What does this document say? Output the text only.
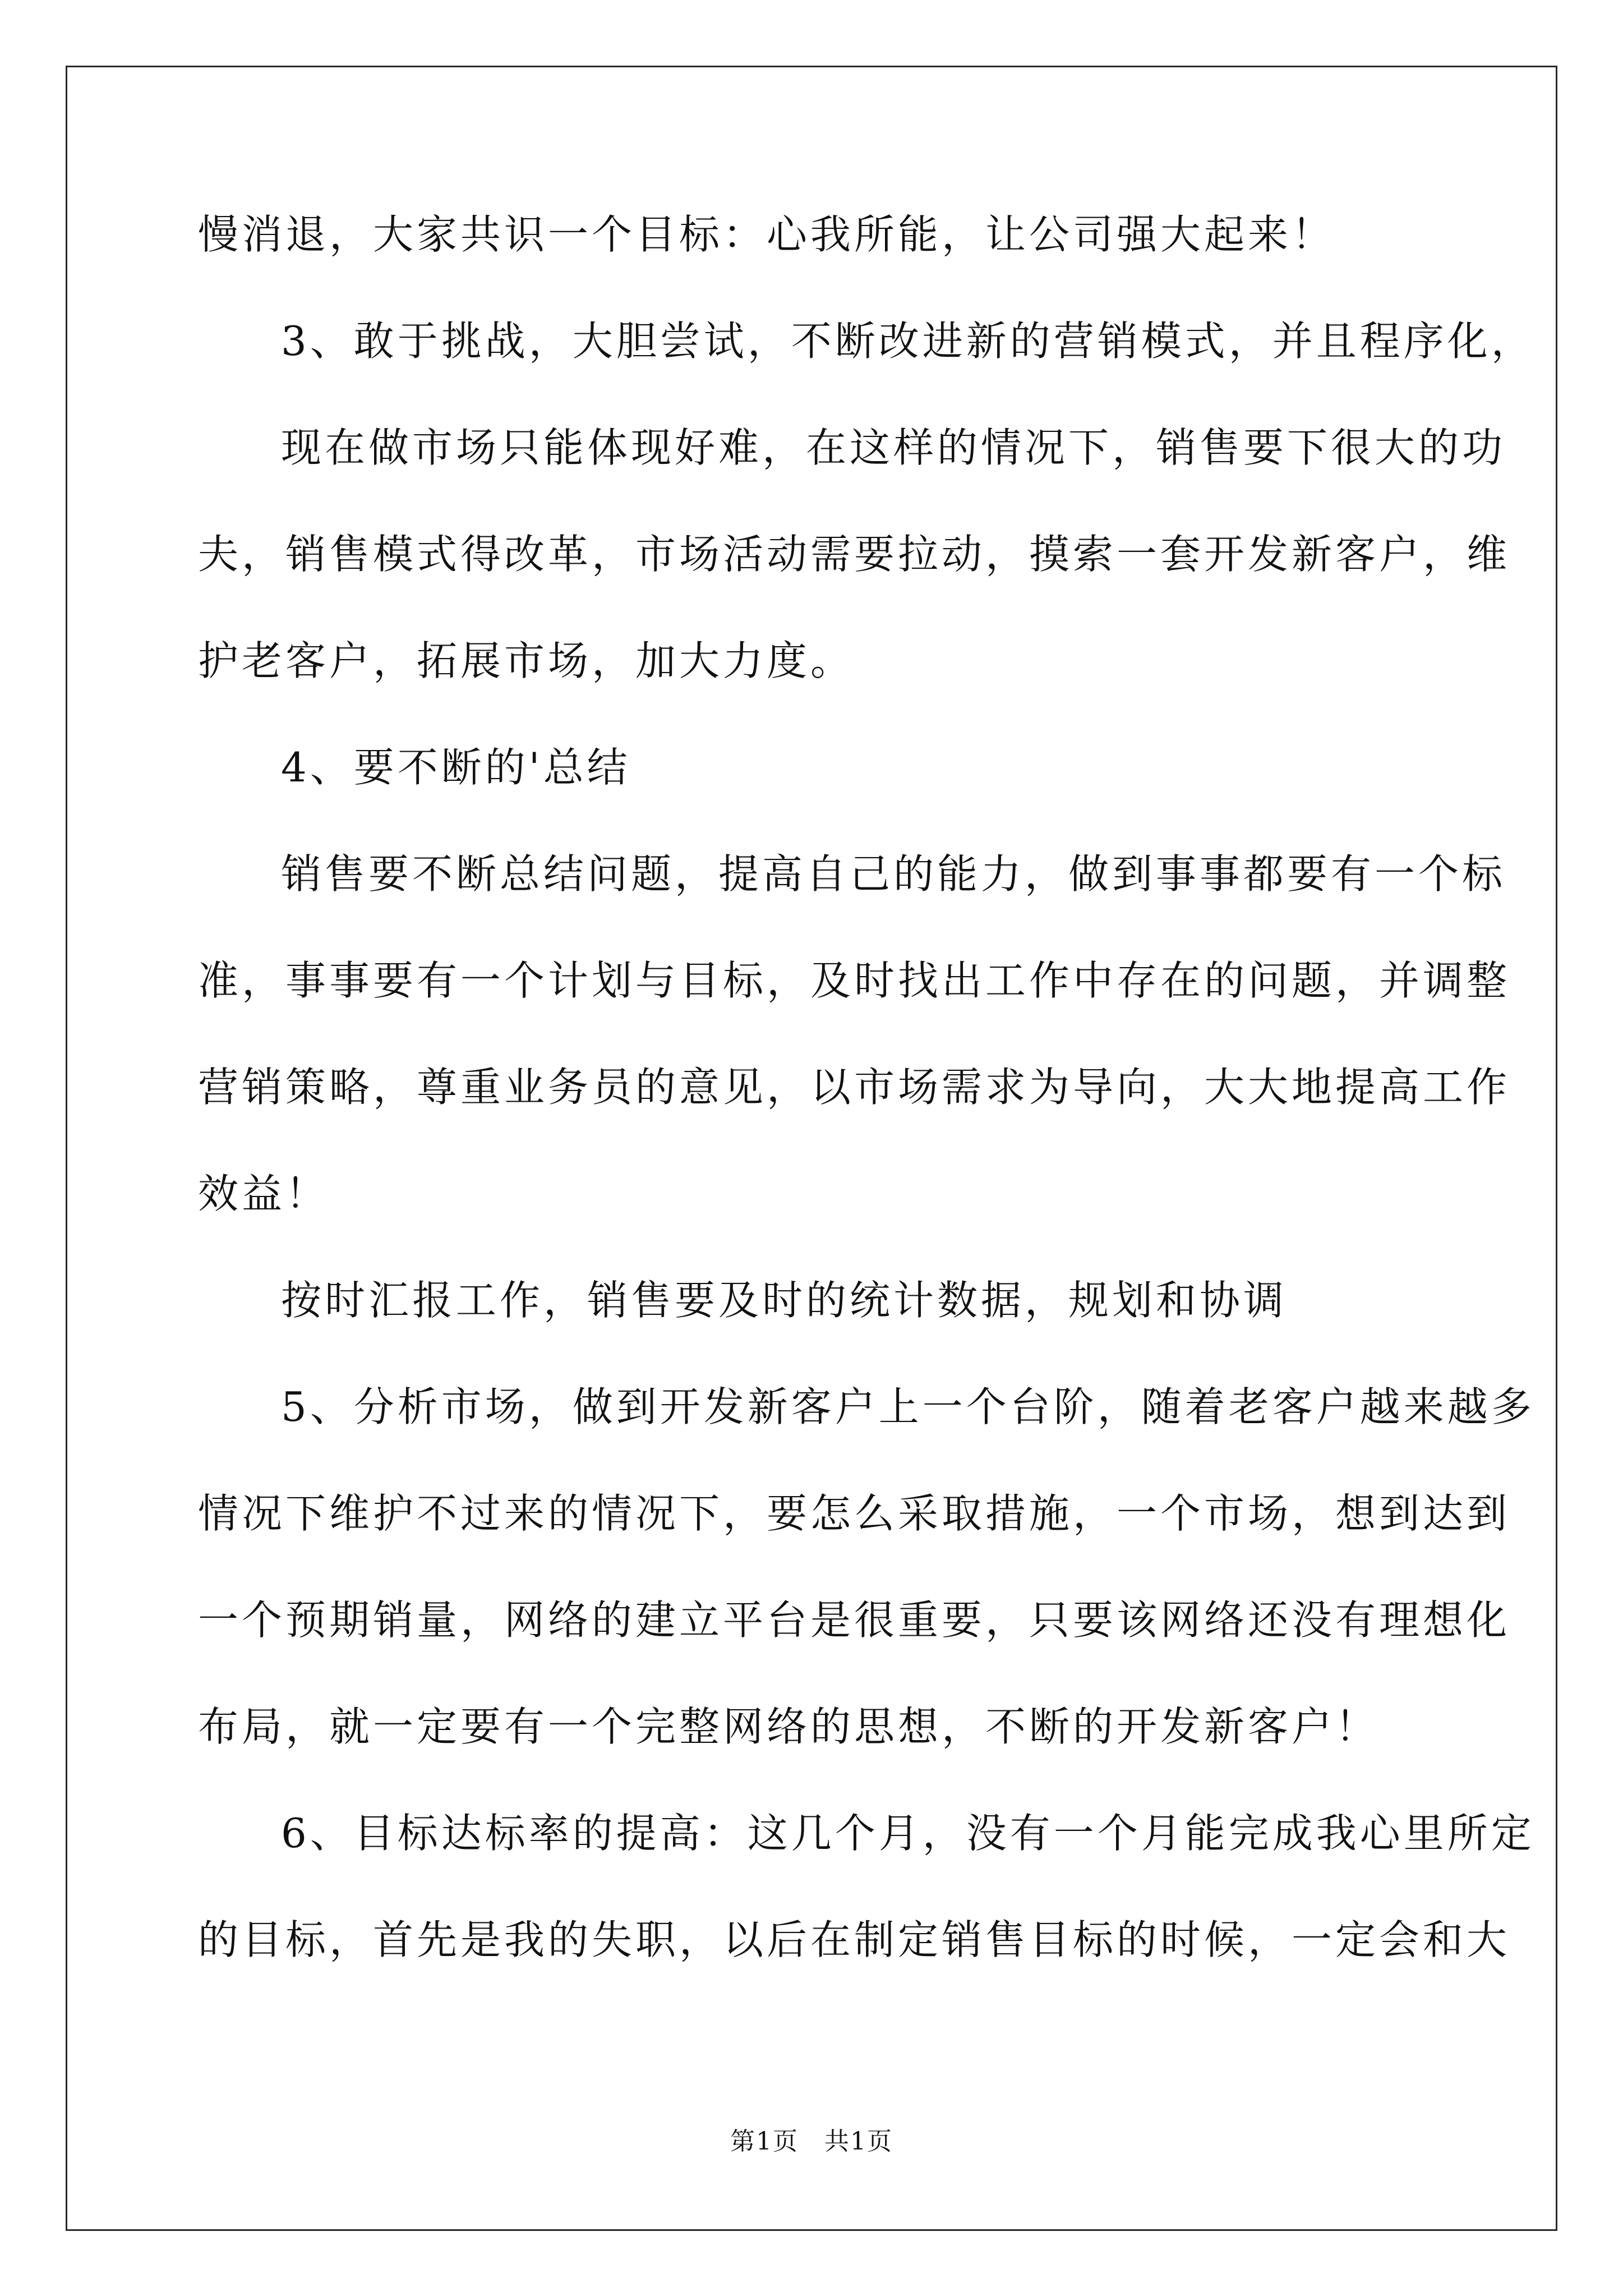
慢消退，大家共识一个目标：心我所能，让公司强大起来！
3、敢于挑战，大胆尝试，不断改进新的营销模式，并且程序化，
现在做市场只能体现好难，在这样的情况下，销售要下很大的功
夫，销售模式得改革，市场活动需要拉动，摸索一套开发新客户，维
护老客户，拓展市场，加大力度。
4、要不断的'总结
销售要不断总结问题，提高自己的能力，做到事事都要有一个标
准，事事要有一个计划与目标，及时找出工作中存在的问题，并调整
营销策略，尊重业务员的意见，以市场需求为导向，大大地提高工作
效益！
按时汇报工作，销售要及时的统计数据，规划和协调
5、分析市场，做到开发新客户上一个台阶，随着老客户越来越多
情况下维护不过来的情况下，要怎么采取措施，一个市场，想到达到
一个预期销量，网络的建立平台是很重要，只要该网络还没有理想化
布局，就一定要有一个完整网络的思想，不断的开发新客户！
6、目标达标率的提高：这几个月，没有一个月能完成我心里所定
的目标，首先是我的失职，以后在制定销售目标的时候，一定会和大
第1页　共1页
